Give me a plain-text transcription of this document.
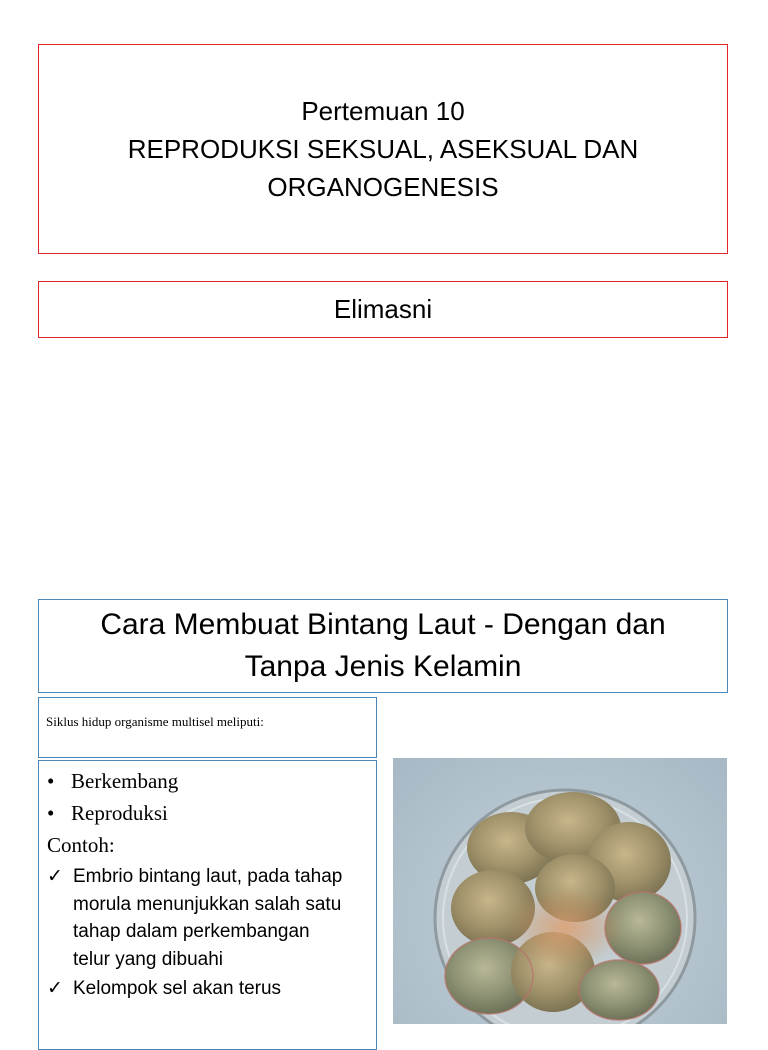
Pertemuan 10
REPRODUKSI SEKSUAL, ASEKSUAL DAN
ORGANOGENESIS
Elimasni
Cara Membuat Bintang Laut - Dengan dan
Tanpa Jenis Kelamin
Siklus hidup organisme multisel meliputi:
• Berkembang
• Reproduksi
Contoh:
✓ Embrio bintang laut, pada tahap morula menunjukkan salah satu tahap dalam perkembangan telur yang dibuahi
✓ Kelompok sel akan terus
